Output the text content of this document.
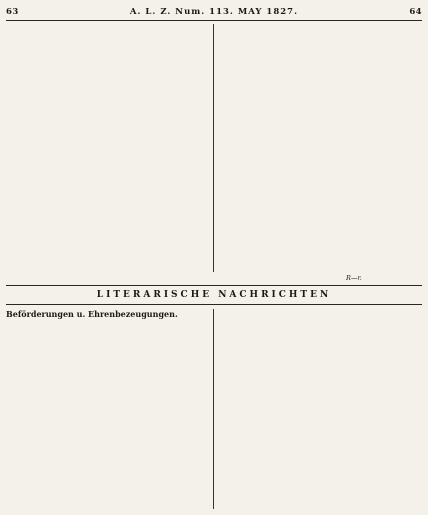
63	A. L. Z. Num. 113. MAY 1827.	64
R—r.
LITERARISCHE NACHRICHTEN
Beförderungen u. Ehrenbezeugungen.
